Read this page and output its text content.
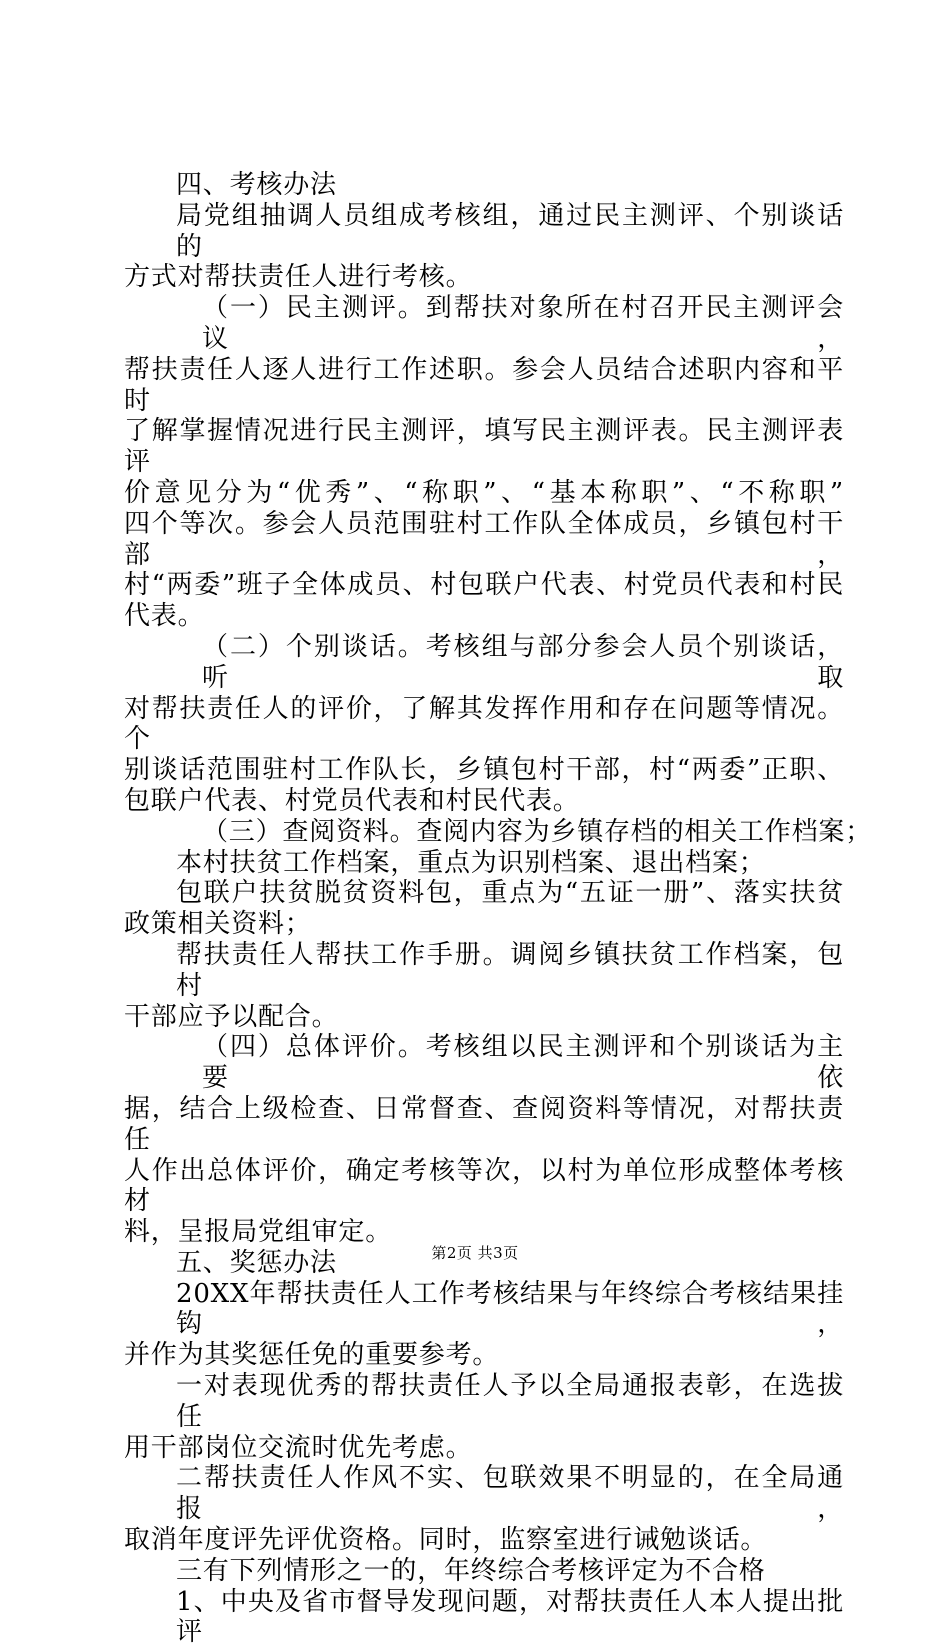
四、考核办法
局党组抽调人员组成考核组，通过民主测评、个别谈话的
方式对帮扶责任人进行考核。
（一）民主测评。到帮扶对象所在村召开民主测评会议，
帮扶责任人逐人进行工作述职。参会人员结合述职内容和平时
了解掌握情况进行民主测评，填写民主测评表。民主测评表评
价意见分为“优秀”、“称职”、“基本称职”、“不称职”
四个等次。参会人员范围驻村工作队全体成员，乡镇包村干部，
村“两委”班子全体成员、村包联户代表、村党员代表和村民
代表。
（二）个别谈话。考核组与部分参会人员个别谈话，听取
对帮扶责任人的评价，了解其发挥作用和存在问题等情况。个
别谈话范围驻村工作队长，乡镇包村干部，村“两委”正职、
包联户代表、村党员代表和村民代表。
（三）查阅资料。查阅内容为乡镇存档的相关工作档案；
本村扶贫工作档案，重点为识别档案、退出档案；
包联户扶贫脱贫资料包，重点为“五证一册”、落实扶贫
政策相关资料；
帮扶责任人帮扶工作手册。调阅乡镇扶贫工作档案，包村
干部应予以配合。
（四）总体评价。考核组以民主测评和个别谈话为主要依
据，结合上级检查、日常督查、查阅资料等情况，对帮扶责任
人作出总体评价，确定考核等次，以村为单位形成整体考核材
料，呈报局党组审定。
五、奖惩办法
20XX年帮扶责任人工作考核结果与年终综合考核结果挂钩，
并作为其奖惩任免的重要参考。
一对表现优秀的帮扶责任人予以全局通报表彰，在选拔任
用干部岗位交流时优先考虑。
二帮扶责任人作风不实、包联效果不明显的，在全局通报，
取消年度评先评优资格。同时，监察室进行诫勉谈话。
三有下列情形之一的，年终综合考核评定为不合格
1、中央及省市督导发现问题，对帮扶责任人本人提出批评
第2页 共3页
